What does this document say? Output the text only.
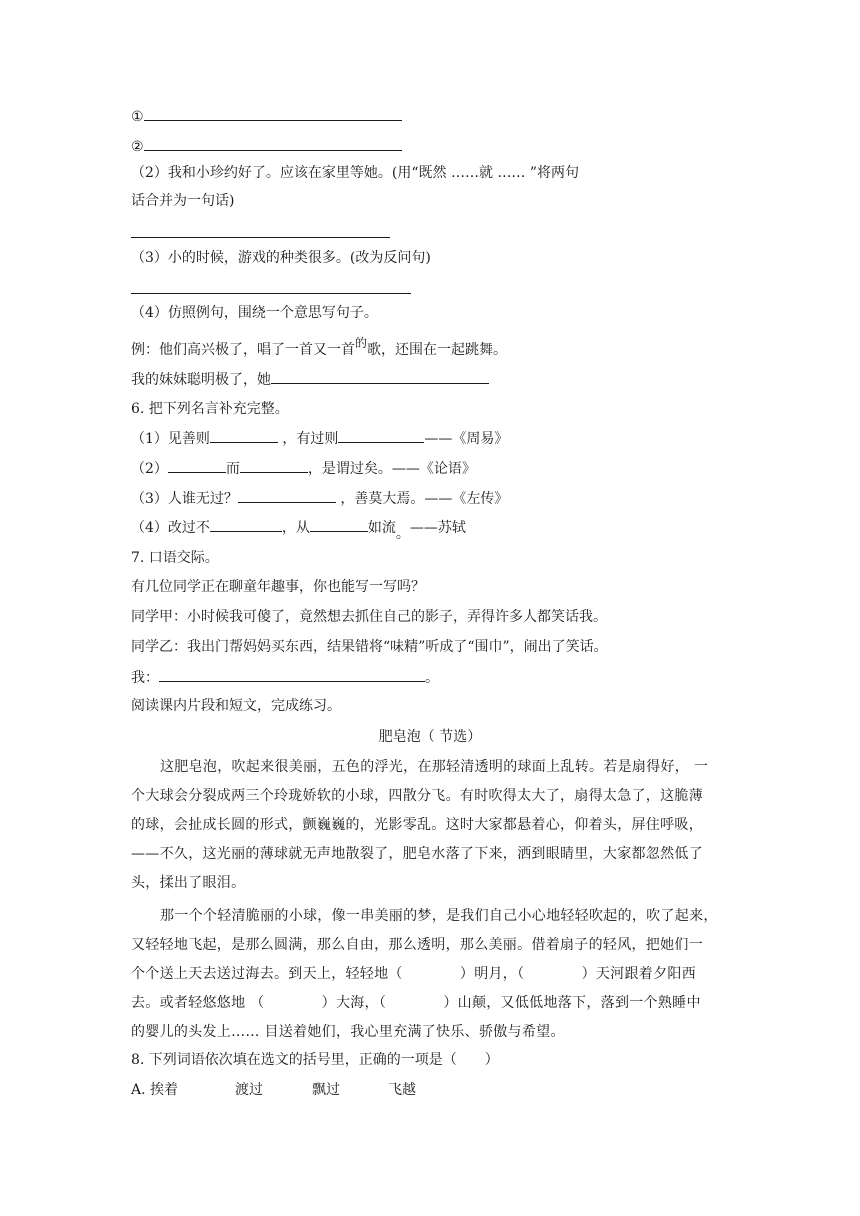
①
②
（2）我和小珍约好了。应该在家里等她。(用“既然 ……就 …… ”将两句
话合并为一句话)
（3）小的时候，游戏的种类很多。(改为反问句)
（4）仿照例句，围绕一个意思写句子。
例：他们高兴极了，唱了一首又一首的歌，还围在一起跳舞。
我的妹妹聪明极了，她
6. 把下列名言补充完整。
（1）见善则	，有过则	——《周易》
（2）	而	，是谓过矣。——《论语》
（3）人谁无过？	，善莫大焉。——《左传》
（4）改过不	，从	如流。——苏轼
7. 口语交际。
有几位同学正在聊童年趣事，你也能写一写吗？
同学甲：小时候我可傻了，竟然想去抓住自己的影子，弄得许多人都笑话我。
同学乙：我出门帮妈妈买东西，结果错将“味精”听成了“围巾”，闹出了笑话。
我：	。
阅读课内片段和短文，完成练习。
肥皂泡（ 节选）
这肥皂泡，吹起来很美丽，五色的浮光，在那轻清透明的球面上乱转。若是扇得好， 一
个大球会分裂成两三个玲珑娇软的小球，四散分飞。有时吹得太大了，扇得太急了，这脆薄
的球，会扯成长圆的形式，颤巍巍的，光影零乱。这时大家都悬着心，仰着头，屏住呼吸，
——不久，这光丽的薄球就无声地散裂了，肥皂水落了下来，洒到眼睛里，大家都忽然低了
头，揉出了眼泪。
那一个个轻清脆丽的小球，像一串美丽的梦，是我们自己小心地轻轻吹起的，吹了起来，
又轻轻地飞起，是那么圆满，那么自由，那么透明，那么美丽。借着扇子的轻风，把她们一
个个送上天去送过海去。到天上，轻轻地（　　　　）明月，（　　　　）天河跟着夕阳西
去。或者轻悠悠地 （　　　　）大海，（　　　　）山颠，又低低地落下，落到一个熟睡中
的婴儿的头发上…… 目送着她们，我心里充满了快乐、骄傲与希望。
8. 下列词语依次填在选文的括号里，正确的一项是（　　）
A. 挨着	渡过	飘过	飞越
